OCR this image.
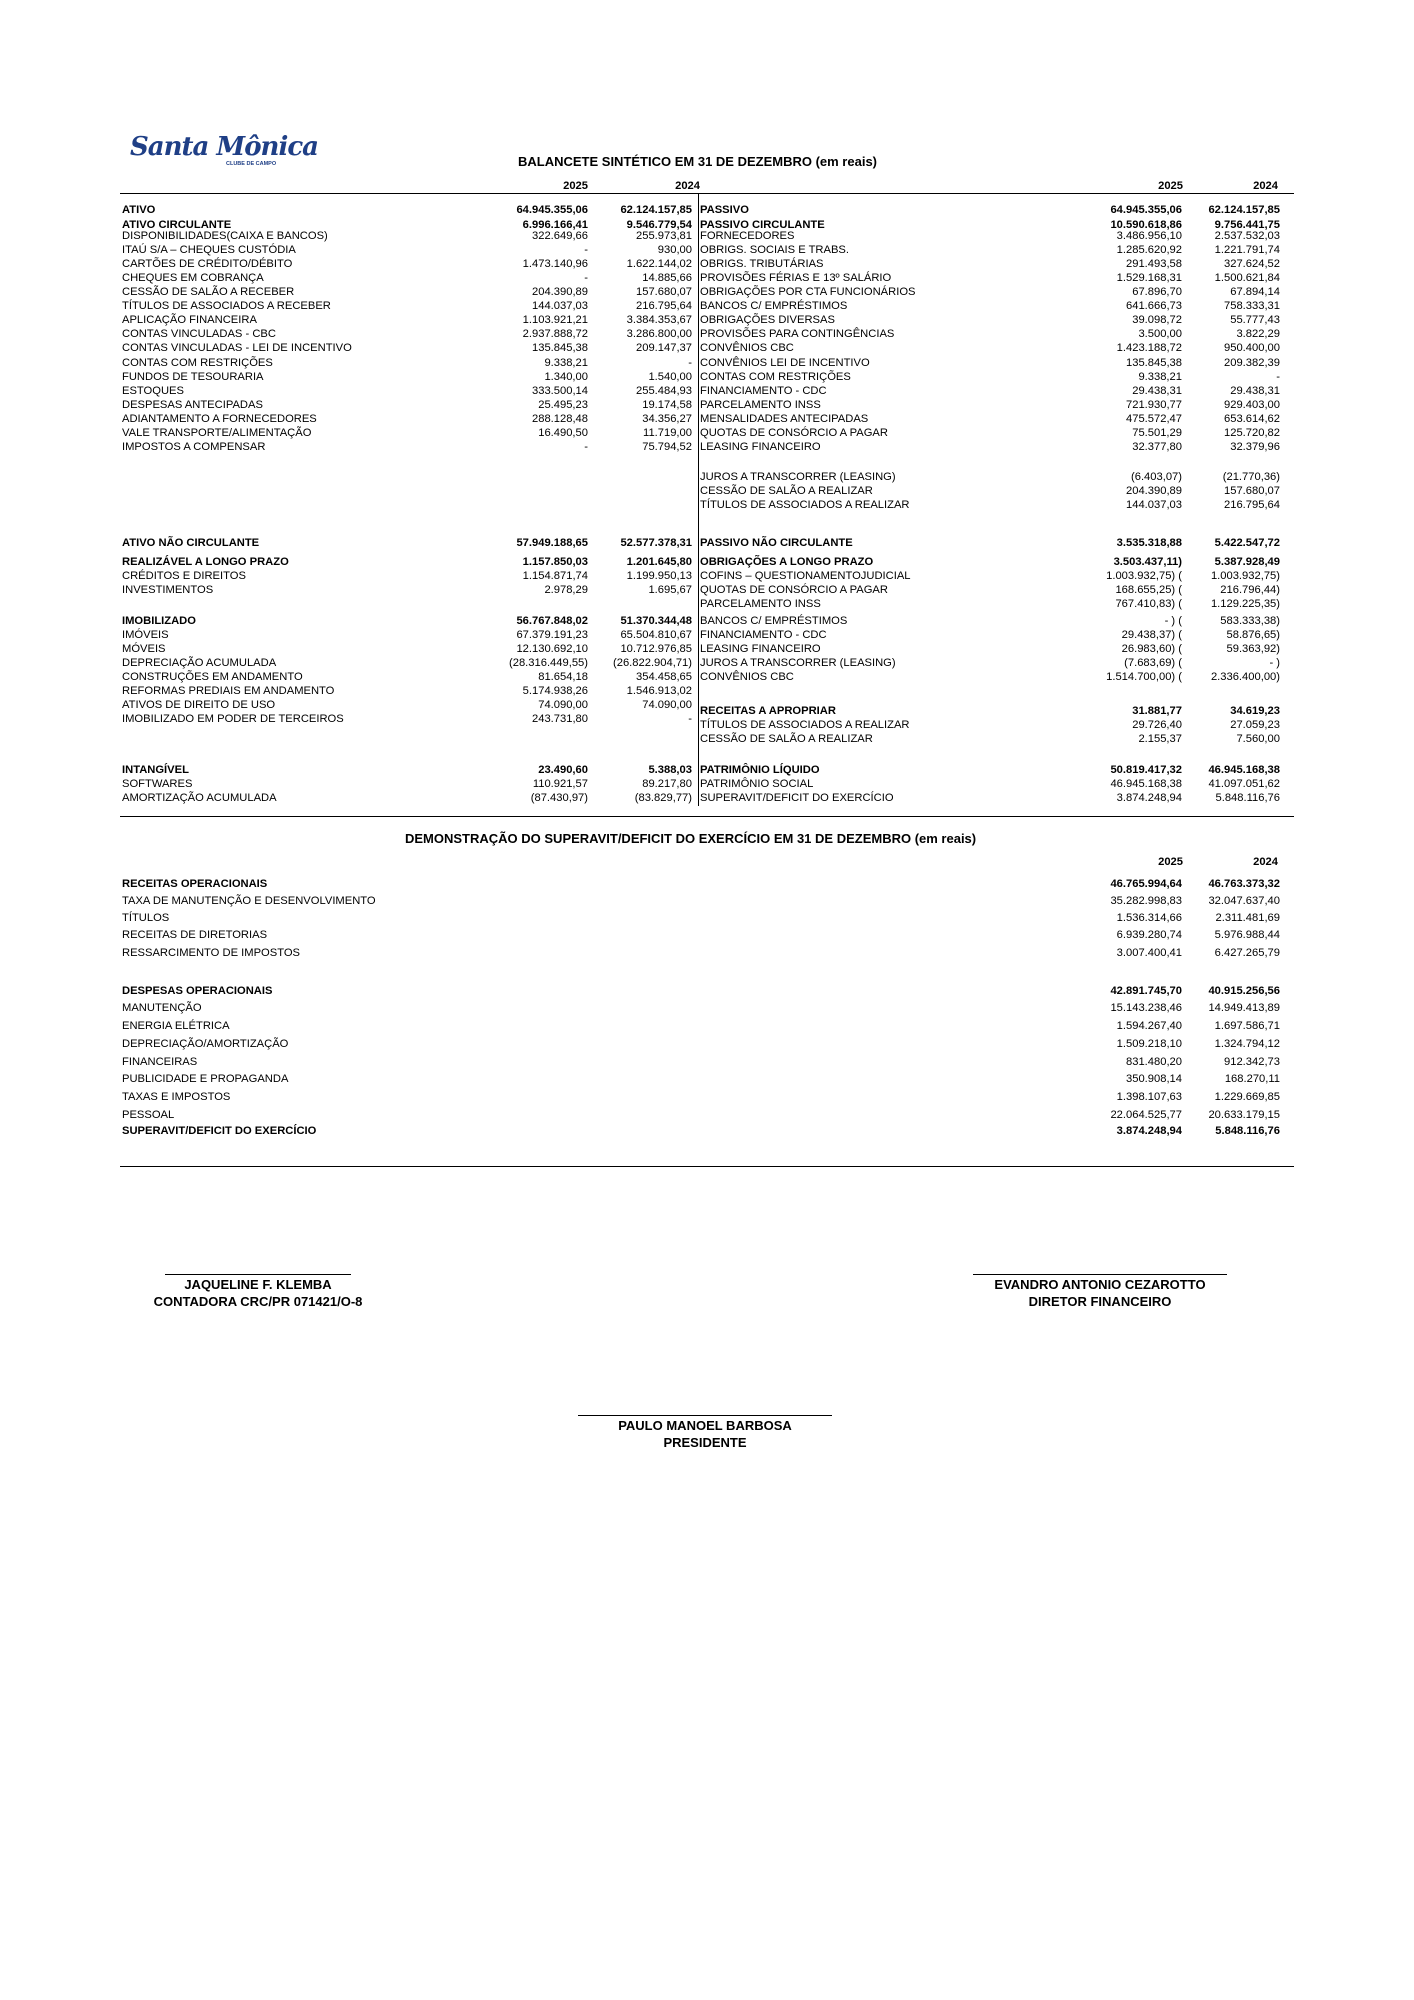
Santa Mônica
CLUBE DE CAMPO	BALANCETE SINTÉTICO EM 31 DE DEZEMBRO (em reais)
2025	2024	2025	2024
ATIVO	64.945.355,06	62.124.157,85
ATIVO CIRCULANTE	6.996.166,41	9.546.779,54
DISPONIBILIDADES(CAIXA E BANCOS)	322.649,66	255.973,81
ITAÚ S/A – CHEQUES CUSTÓDIA	-	930,00
CARTÕES DE CRÉDITO/DÉBITO	1.473.140,96	1.622.144,02
CHEQUES EM COBRANÇA	-	14.885,66
CESSÃO DE SALÃO A RECEBER	204.390,89	157.680,07
TÍTULOS DE ASSOCIADOS A RECEBER	144.037,03	216.795,64
APLICAÇÃO FINANCEIRA	1.103.921,21	3.384.353,67
CONTAS VINCULADAS - CBC	2.937.888,72	3.286.800,00
CONTAS VINCULADAS - LEI DE INCENTIVO	135.845,38	209.147,37
CONTAS COM RESTRIÇÕES	9.338,21	-
FUNDOS DE TESOURARIA	1.340,00	1.540,00
ESTOQUES	333.500,14	255.484,93
DESPESAS ANTECIPADAS	25.495,23	19.174,58
ADIANTAMENTO A FORNECEDORES	288.128,48	34.356,27
VALE TRANSPORTE/ALIMENTAÇÃO	16.490,50	11.719,00
IMPOSTOS A COMPENSAR	-	75.794,52
ATIVO NÃO CIRCULANTE	57.949.188,65	52.577.378,31
REALIZÁVEL A LONGO PRAZO	1.157.850,03	1.201.645,80
CRÉDITOS E DIREITOS	1.154.871,74	1.199.950,13
INVESTIMENTOS	2.978,29	1.695,67
IMOBILIZADO	56.767.848,02	51.370.344,48
IMÓVEIS	67.379.191,23	65.504.810,67
MÓVEIS	12.130.692,10	10.712.976,85
DEPRECIAÇÃO ACUMULADA	(28.316.449,55)	(26.822.904,71)
CONSTRUÇÕES EM ANDAMENTO	81.654,18	354.458,65
REFORMAS PREDIAIS EM ANDAMENTO	5.174.938,26	1.546.913,02
ATIVOS DE DIREITO DE USO	74.090,00	74.090,00
IMOBILIZADO EM PODER DE TERCEIROS	243.731,80	-
INTANGÍVEL	23.490,60	5.388,03
SOFTWARES	110.921,57	89.217,80
AMORTIZAÇÃO ACUMULADA	(87.430,97)	(83.829,77)
PASSIVO	64.945.355,06	62.124.157,85
PASSIVO CIRCULANTE	10.590.618,86	9.756.441,75
FORNECEDORES	3.486.956,10	2.537.532,03
OBRIGS. SOCIAIS E TRABS.	1.285.620,92	1.221.791,74
OBRIGS. TRIBUTÁRIAS	291.493,58	327.624,52
PROVISÕES FÉRIAS E 13º SALÁRIO	1.529.168,31	1.500.621,84
OBRIGAÇÕES POR CTA FUNCIONÁRIOS	67.896,70	67.894,14
BANCOS C/ EMPRÉSTIMOS	641.666,73	758.333,31
OBRIGAÇÕES DIVERSAS	39.098,72	55.777,43
PROVISÕES PARA CONTINGÊNCIAS	3.500,00	3.822,29
CONVÊNIOS CBC	1.423.188,72	950.400,00
CONVÊNIOS LEI DE INCENTIVO	135.845,38	209.382,39
CONTAS COM RESTRIÇÕES	9.338,21	-
FINANCIAMENTO - CDC	29.438,31	29.438,31
PARCELAMENTO INSS	721.930,77	929.403,00
MENSALIDADES ANTECIPADAS	475.572,47	653.614,62
QUOTAS DE CONSÓRCIO A PAGAR	75.501,29	125.720,82
LEASING FINANCEIRO	32.377,80	32.379,96
JUROS A TRANSCORRER (LEASING)	(6.403,07)	(21.770,36)
CESSÃO DE SALÃO A REALIZAR	204.390,89	157.680,07
TÍTULOS DE ASSOCIADOS A REALIZAR	144.037,03	216.795,64
PASSIVO NÃO CIRCULANTE	3.535.318,88	5.422.547,72
OBRIGAÇÕES A LONGO PRAZO	3.503.437,11)	5.387.928,49
COFINS – QUESTIONAMENTOJUDICIAL	1.003.932,75) (	1.003.932,75)
QUOTAS DE CONSÓRCIO A PAGAR	168.655,25) (	216.796,44)
PARCELAMENTO INSS	767.410,83) (	1.129.225,35)
BANCOS C/ EMPRÉSTIMOS	- ) (	583.333,38)
FINANCIAMENTO - CDC	29.438,37) (	58.876,65)
LEASING FINANCEIRO	26.983,60) (	59.363,92)
JUROS A TRANSCORRER (LEASING)	(7.683,69) (	- )
CONVÊNIOS CBC	1.514.700,00) (	2.336.400,00)
RECEITAS A APROPRIAR	31.881,77	34.619,23
TÍTULOS DE ASSOCIADOS A REALIZAR	29.726,40	27.059,23
CESSÃO DE SALÃO A REALIZAR	2.155,37	7.560,00
PATRIMÔNIO LÍQUIDO	50.819.417,32	46.945.168,38
PATRIMÔNIO SOCIAL	46.945.168,38	41.097.051,62
SUPERAVIT/DEFICIT DO EXERCÍCIO	3.874.248,94	5.848.116,76
DEMONSTRAÇÃO DO SUPERAVIT/DEFICIT DO EXERCÍCIO EM 31 DE DEZEMBRO (em reais)
2025	2024
RECEITAS OPERACIONAIS	46.765.994,64	46.763.373,32
TAXA DE MANUTENÇÃO E DESENVOLVIMENTO	35.282.998,83	32.047.637,40
TÍTULOS	1.536.314,66	2.311.481,69
RECEITAS DE DIRETORIAS	6.939.280,74	5.976.988,44
RESSARCIMENTO DE IMPOSTOS	3.007.400,41	6.427.265,79
DESPESAS OPERACIONAIS	42.891.745,70	40.915.256,56
MANUTENÇÃO	15.143.238,46	14.949.413,89
ENERGIA ELÉTRICA	1.594.267,40	1.697.586,71
DEPRECIAÇÃO/AMORTIZAÇÃO	1.509.218,10	1.324.794,12
FINANCEIRAS	831.480,20	912.342,73
PUBLICIDADE E PROPAGANDA	350.908,14	168.270,11
TAXAS E IMPOSTOS	1.398.107,63	1.229.669,85
PESSOAL	22.064.525,77	20.633.179,15
SUPERAVIT/DEFICIT DO EXERCÍCIO	3.874.248,94	5.848.116,76
JAQUELINE F. KLEMBA
CONTADORA CRC/PR 071421/O-8
EVANDRO ANTONIO CEZAROTTO
DIRETOR FINANCEIRO
PAULO MANOEL BARBOSA
PRESIDENTE
